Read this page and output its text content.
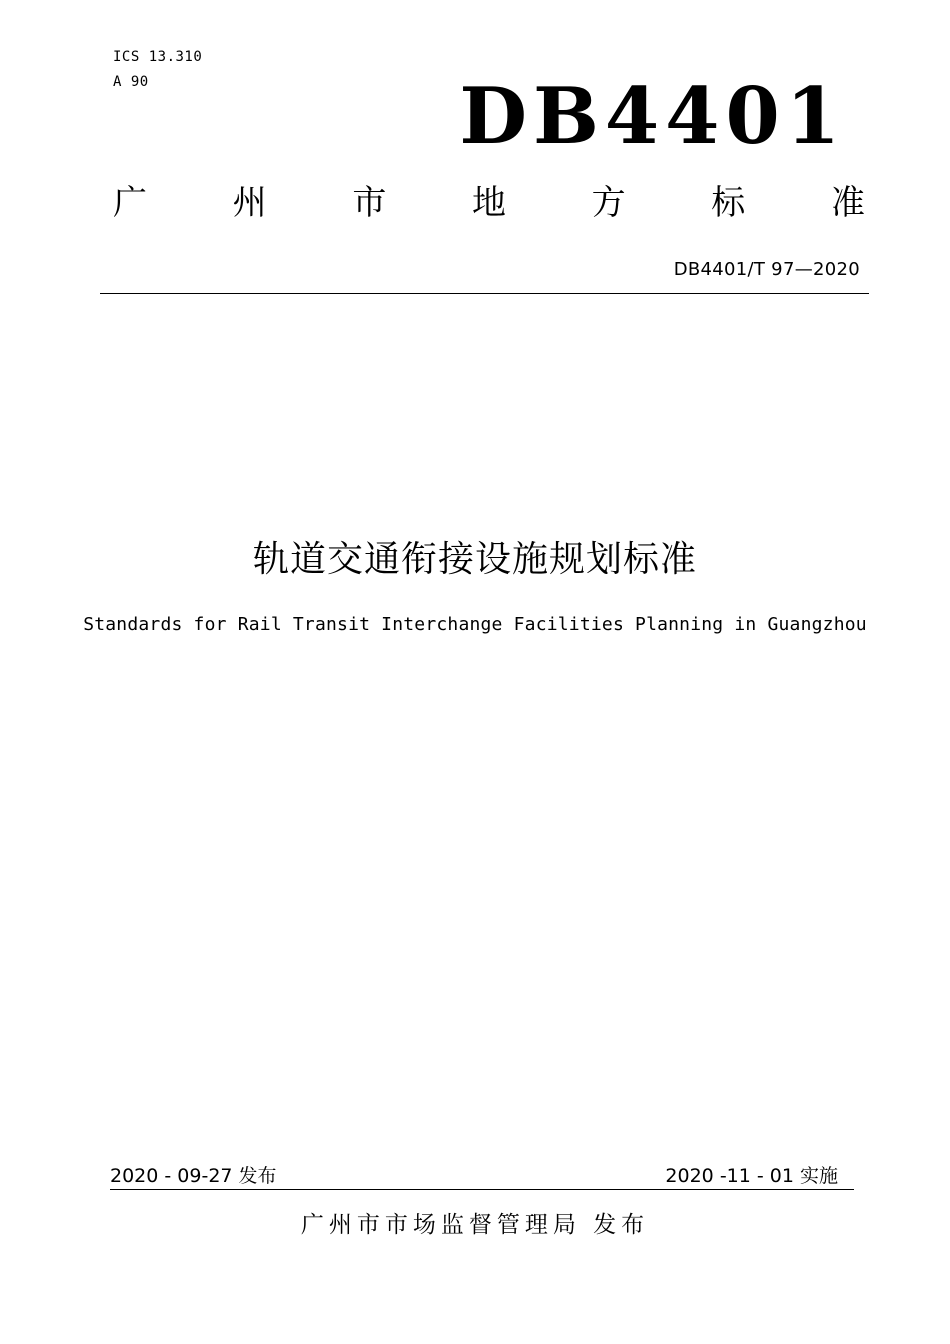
ICS 13.310
A 90	DB4401
广	州	市	地	方	标	准
DB4401/T 97—2020
轨道交通衔接设施规划标准
Standards for Rail Transit Interchange Facilities Planning in Guangzhou
2020 - 09-27 发布	2020 -11 - 01 实施
广州市市场监督管理局 发布
